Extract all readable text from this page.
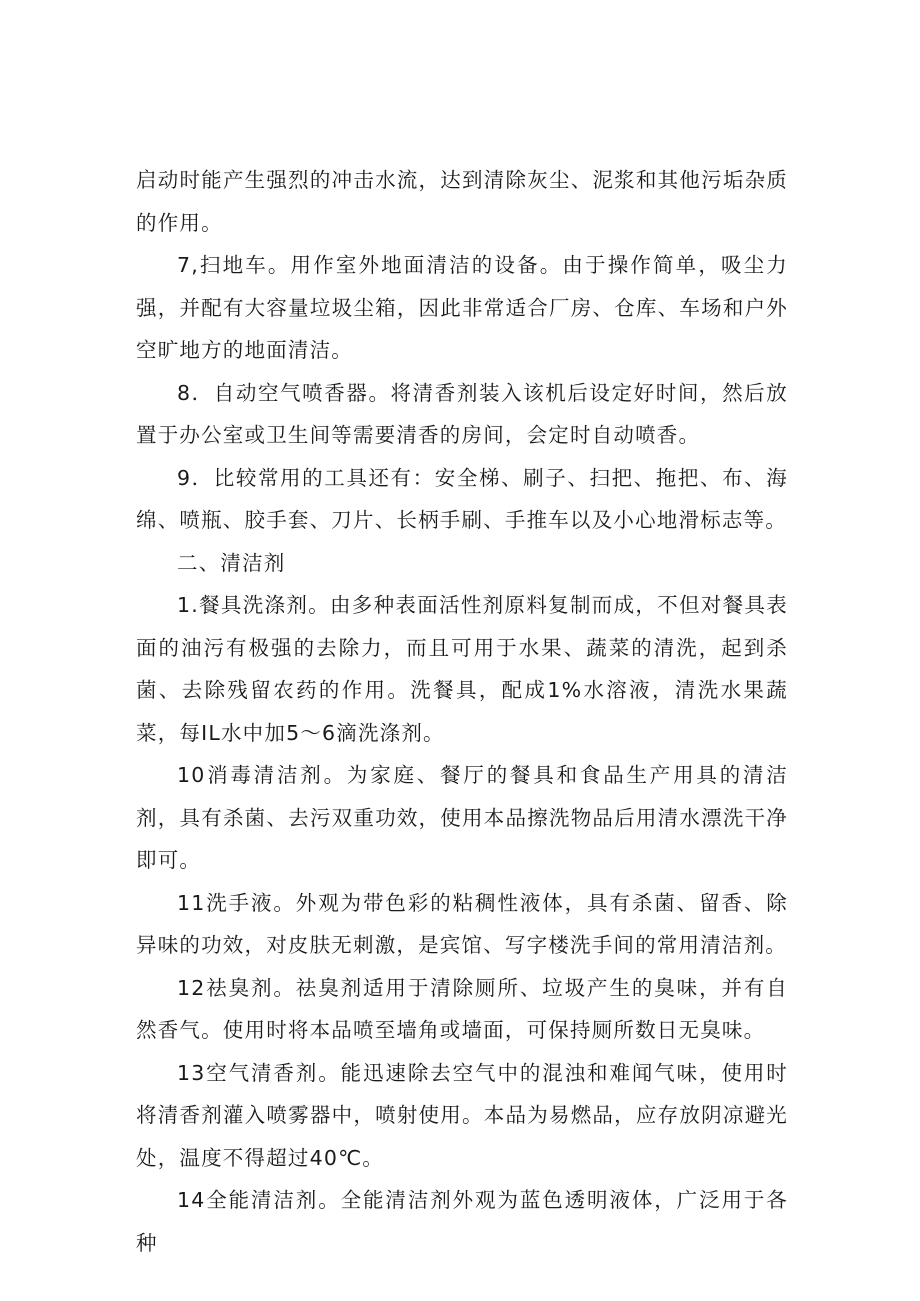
启动时能产生强烈的冲击水流，达到清除灰尘、泥浆和其他污垢杂质的作用。

7,扫地车。用作室外地面清洁的设备。由于操作简单，吸尘力强，并配有大容量垃圾尘箱，因此非常适合厂房、仓库、车场和户外空旷地方的地面清洁。

8．自动空气喷香器。将清香剂装入该机后设定好时间，然后放置于办公室或卫生间等需要清香的房间，会定时自动喷香。

9．比较常用的工具还有：安全梯、刷子、扫把、拖把、布、海绵、喷瓶、胶手套、刀片、长柄手刷、手推车以及小心地滑标志等。

二、清洁剂

1.餐具洗涤剂。由多种表面活性剂原料复制而成，不但对餐具表面的油污有极强的去除力，而且可用于水果、蔬菜的清洗，起到杀菌、去除残留农药的作用。洗餐具，配成1%水溶液，清洗水果蔬菜，每IL水中加5～6滴洗涤剂。

10消毒清洁剂。为家庭、餐厅的餐具和食品生产用具的清洁剂，具有杀菌、去污双重功效，使用本品擦洗物品后用清水漂洗干净即可。

11洗手液。外观为带色彩的粘稠性液体，具有杀菌、留香、除异味的功效，对皮肤无刺激，是宾馆、写字楼洗手间的常用清洁剂。

12祛臭剂。祛臭剂适用于清除厕所、垃圾产生的臭味，并有自然香气。使用时将本品喷至墙角或墙面，可保持厕所数日无臭味。

13空气清香剂。能迅速除去空气中的混浊和难闻气味，使用时将清香剂灌入喷雾器中，喷射使用。本品为易燃品，应存放阴凉避光处，温度不得超过40℃。

14全能清洁剂。全能清洁剂外观为蓝色透明液体，广泛用于各种
